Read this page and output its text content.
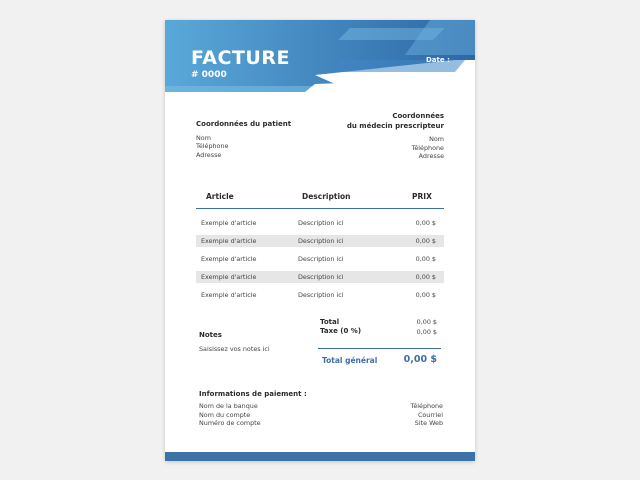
FACTURE
# 0000
Date :
Coordonnées du patient
Nom
Téléphone
Adresse
Coordonnées
du médecin prescripteur
Nom
Téléphone
Adresse
Article	Description	PRIX
Exemple d'article	Description ici	0,00 $
Exemple d'article	Description ici	0,00 $
Exemple d'article	Description ici	0,00 $
Exemple d'article	Description ici	0,00 $
Exemple d'article	Description ici	0,00 $
Notes
Saisissez vos notes ici
Total	0,00 $
Taxe (0 %)	0,00 $
Total général	0,00 $
Informations de paiement :
Nom de la banque
Nom du compte
Numéro de compte
Téléphone
Courriel
Site Web
